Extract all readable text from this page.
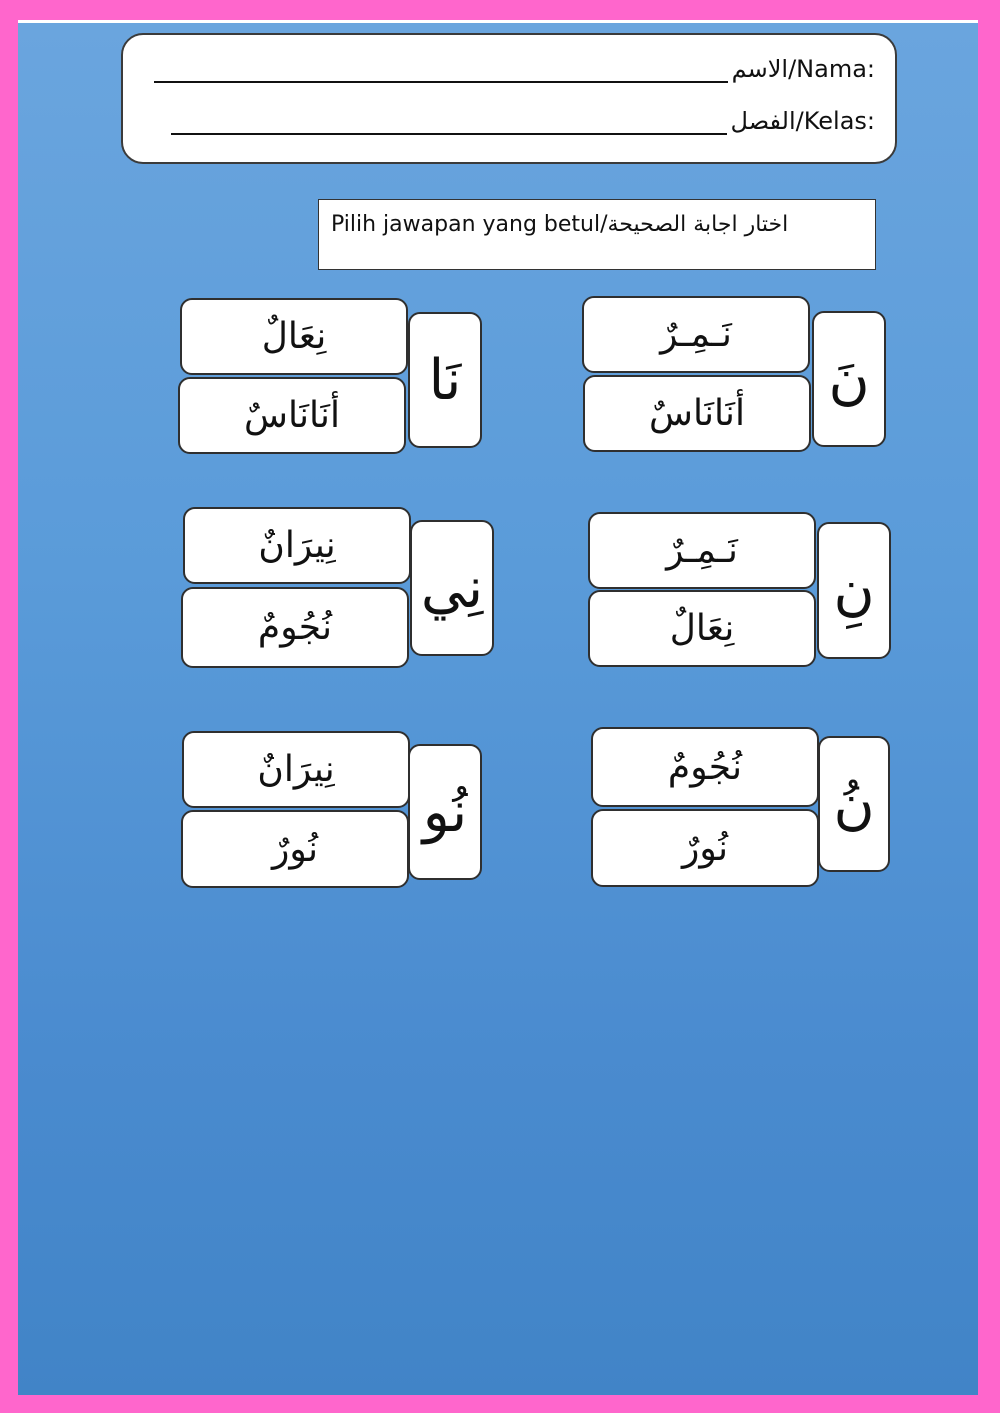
الاسم/Nama:
الفصل/Kelas:
Pilih jawapan yang betul/اختار اجابة الصحيحة
نَ
نَـمِـرٌ
أنَانَاسٌ
نَا
نِعَالٌ
أنَانَاسٌ
نِ
نَـمِـرٌ
نِعَالٌ
نِي
نِيرَانٌ
نُجُومٌ
نُ
نُجُومٌ
نُورٌ
نُو
نِيرَانٌ
نُورٌ
